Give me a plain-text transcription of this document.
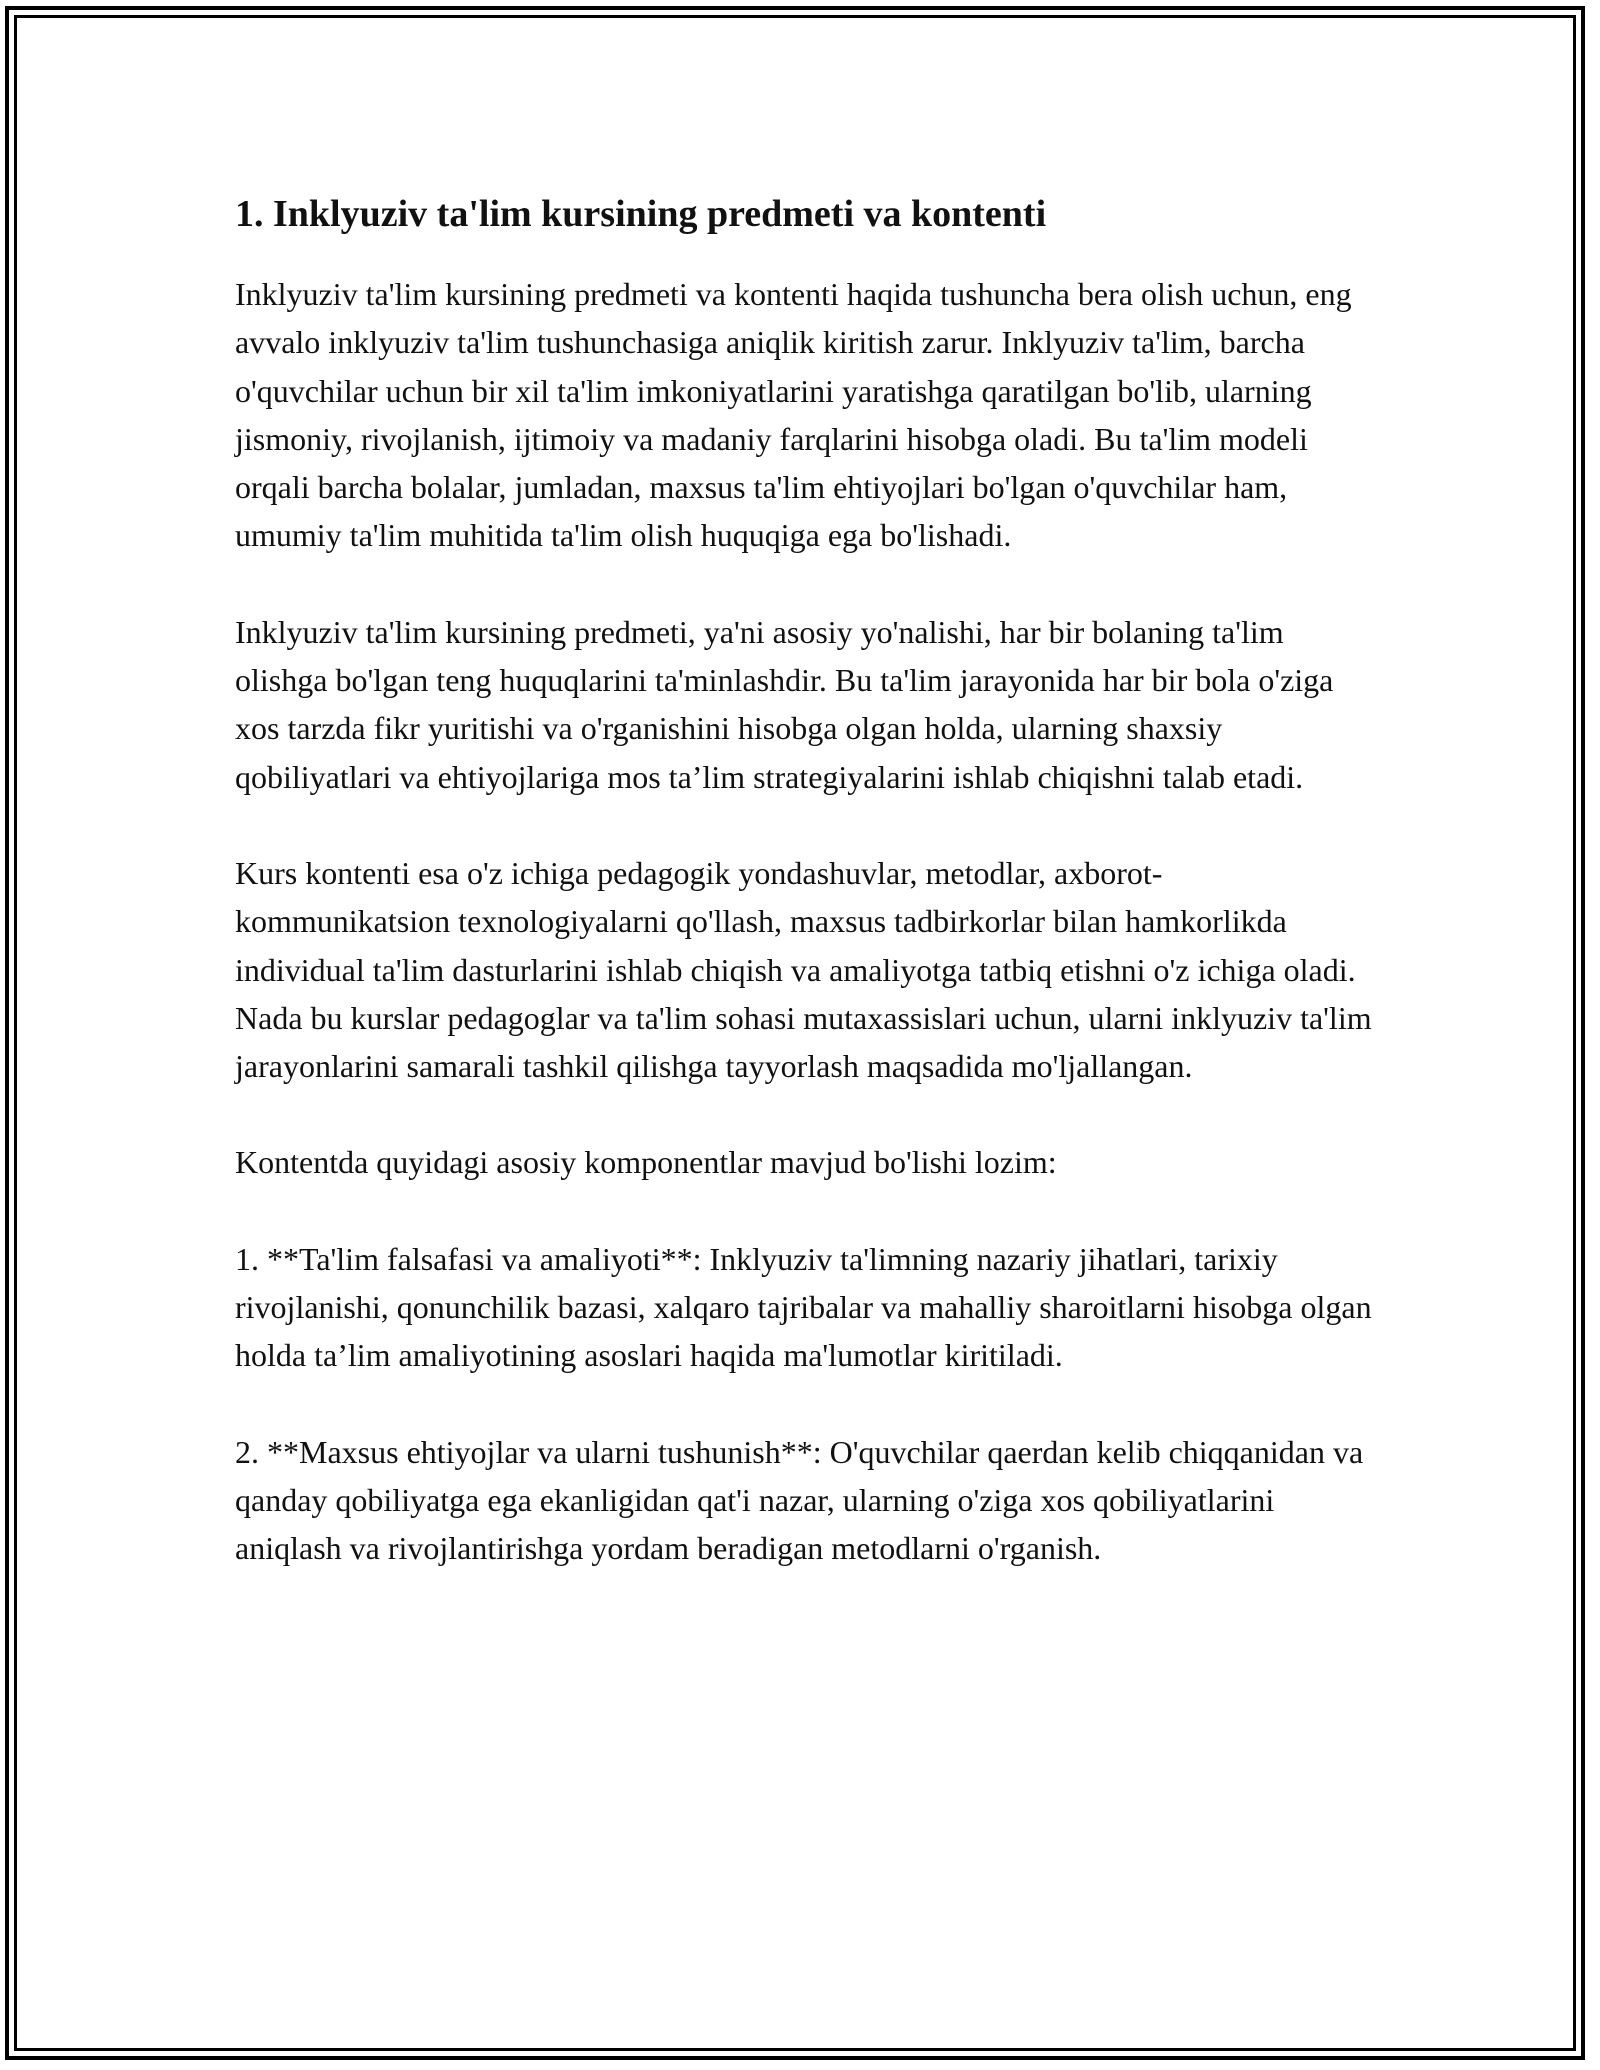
1. Inklyuziv ta'lim kursining predmeti va kontenti

Inklyuziv ta'lim kursining predmeti va kontenti haqida tushuncha bera olish uchun, eng avvalo inklyuziv ta'lim tushunchasiga aniqlik kiritish zarur. Inklyuziv ta'lim, barcha o'quvchilar uchun bir xil ta'lim imkoniyatlarini yaratishga qaratilgan bo'lib, ularning jismoniy, rivojlanish, ijtimoiy va madaniy farqlarini hisobga oladi. Bu ta'lim modeli orqali barcha bolalar, jumladan, maxsus ta'lim ehtiyojlari bo'lgan o'quvchilar ham, umumiy ta'lim muhitida ta'lim olish huquqiga ega bo'lishadi.

Inklyuziv ta'lim kursining predmeti, ya'ni asosiy yo'nalishi, har bir bolaning ta'lim olishga bo'lgan teng huquqlarini ta'minlashdir. Bu ta'lim jarayonida har bir bola o'ziga xos tarzda fikr yuritishi va o'rganishini hisobga olgan holda, ularning shaxsiy qobiliyatlari va ehtiyojlariga mos ta’lim strategiyalarini ishlab chiqishni talab etadi.

Kurs kontenti esa o'z ichiga pedagogik yondashuvlar, metodlar, axborot-kommunikatsion texnologiyalarni qo'llash, maxsus tadbirkorlar bilan hamkorlikda individual ta'lim dasturlarini ishlab chiqish va amaliyotga tatbiq etishni o'z ichiga oladi. Nada bu kurslar pedagoglar va ta'lim sohasi mutaxassislari uchun, ularni inklyuziv ta'lim jarayonlarini samarali tashkil qilishga tayyorlash maqsadida mo'ljallangan.

Kontentda quyidagi asosiy komponentlar mavjud bo'lishi lozim:

1. **Ta'lim falsafasi va amaliyoti**: Inklyuziv ta'limning nazariy jihatlari, tarixiy rivojlanishi, qonunchilik bazasi, xalqaro tajribalar va mahalliy sharoitlarni hisobga olgan holda ta’lim amaliyotining asoslari haqida ma'lumotlar kiritiladi.

2. **Maxsus ehtiyojlar va ularni tushunish**: O'quvchilar qaerdan kelib chiqqanidan va qanday qobiliyatga ega ekanligidan qat'i nazar, ularning o'ziga xos qobiliyatlarini aniqlash va rivojlantirishga yordam beradigan metodlarni o'rganish.
